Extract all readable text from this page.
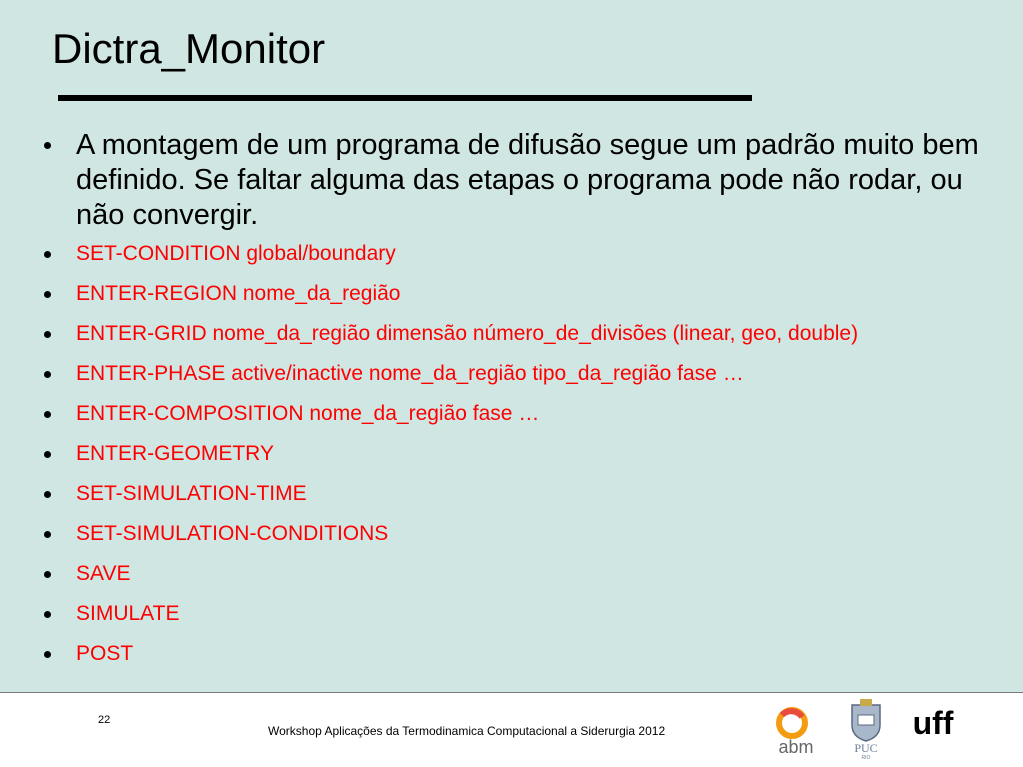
Dictra_Monitor
A montagem de um programa de difusão segue um padrão muito bem definido. Se faltar alguma das etapas o programa pode não rodar, ou não convergir.
SET-CONDITION global/boundary
ENTER-REGION nome_da_região
ENTER-GRID nome_da_região dimensão número_de_divisões (linear, geo, double)
ENTER-PHASE active/inactive nome_da_região tipo_da_região fase …
ENTER-COMPOSITION nome_da_região fase …
ENTER-GEOMETRY
SET-SIMULATION-TIME
SET-SIMULATION-CONDITIONS
SAVE
SIMULATE
POST
22
Workshop Aplicações da Termodinamica Computacional a Siderurgia 2012
abm	PUC
RIO
uff
